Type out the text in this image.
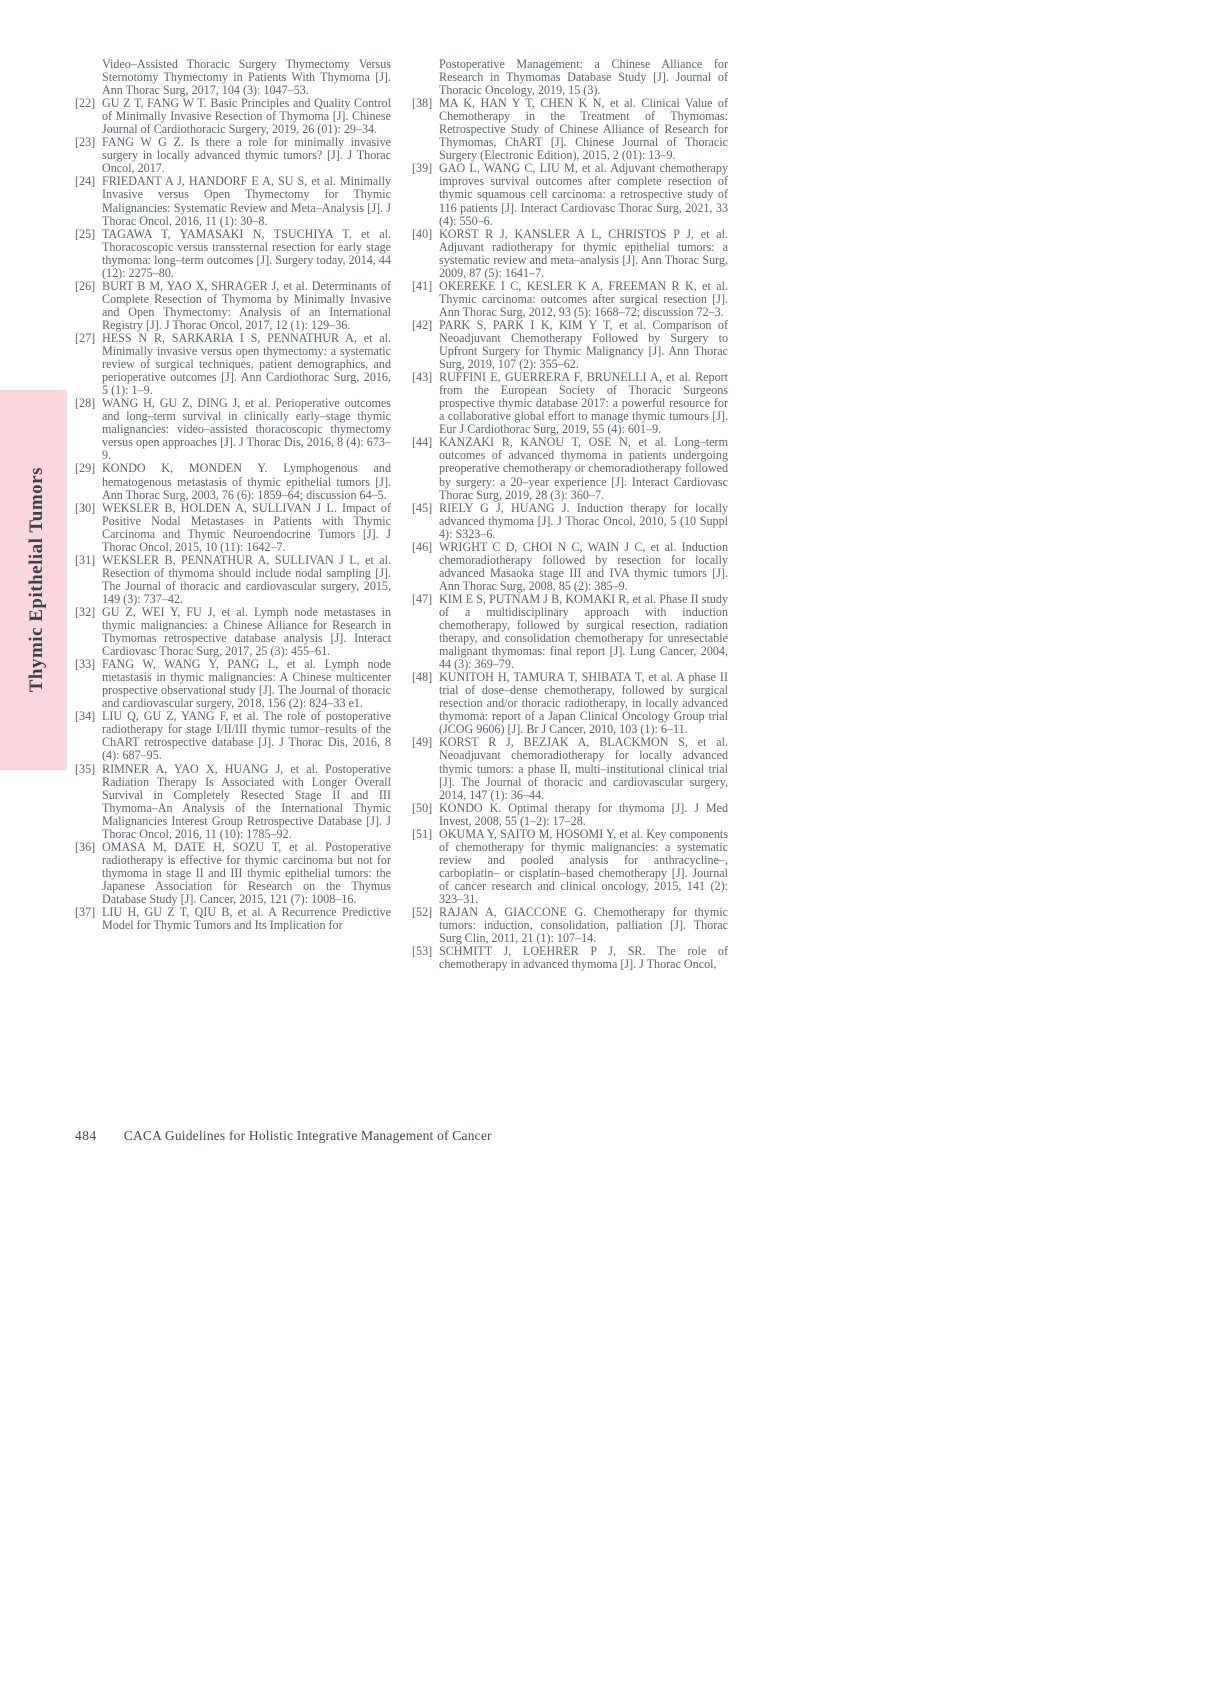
Thymic Epithelial Tumors
Video–Assisted Thoracic Surgery Thymectomy Versus Sternotomy Thymectomy in Patients With Thymoma [J]. Ann Thorac Surg, 2017, 104 (3): 1047–53.
[22] GU Z T, FANG W T. Basic Principles and Quality Control of Minimally Invasive Resection of Thymoma [J]. Chinese Journal of Cardiothoracic Surgery, 2019, 26 (01): 29–34.
[23] FANG W G Z. Is there a role for minimally invasive surgery in locally advanced thymic tumors? [J]. J Thorac Oncol, 2017.
[24] FRIEDANT A J, HANDORF E A, SU S, et al. Minimally Invasive versus Open Thymectomy for Thymic Malignancies: Systematic Review and Meta–Analysis [J]. J Thorac Oncol, 2016, 11 (1): 30–8.
[25] TAGAWA T, YAMASAKI N, TSUCHIYA T, et al. Thoracoscopic versus transsternal resection for early stage thymoma: long–term outcomes [J]. Surgery today, 2014, 44 (12): 2275–80.
[26] BURT B M, YAO X, SHRAGER J, et al. Determinants of Complete Resection of Thymoma by Minimally Invasive and Open Thymectomy: Analysis of an International Registry [J]. J Thorac Oncol, 2017, 12 (1): 129–36.
[27] HESS N R, SARKARIA I S, PENNATHUR A, et al. Minimally invasive versus open thymectomy: a systematic review of surgical techniques, patient demographics, and perioperative outcomes [J]. Ann Cardiothorac Surg, 2016, 5 (1): 1–9.
[28] WANG H, GU Z, DING J, et al. Perioperative outcomes and long–term survival in clinically early–stage thymic malignancies: video–assisted thoracoscopic thymectomy versus open approaches [J]. J Thorac Dis, 2016, 8 (4): 673–9.
[29] KONDO K, MONDEN Y. Lymphogenous and hematogenous metastasis of thymic epithelial tumors [J]. Ann Thorac Surg, 2003, 76 (6): 1859–64; discussion 64–5.
[30] WEKSLER B, HOLDEN A, SULLIVAN J L. Impact of Positive Nodal Metastases in Patients with Thymic Carcinoma and Thymic Neuroendocrine Tumors [J]. J Thorac Oncol, 2015, 10 (11): 1642–7.
[31] WEKSLER B, PENNATHUR A, SULLIVAN J L, et al. Resection of thymoma should include nodal sampling [J]. The Journal of thoracic and cardiovascular surgery, 2015, 149 (3): 737–42.
[32] GU Z, WEI Y, FU J, et al. Lymph node metastases in thymic malignancies: a Chinese Alliance for Research in Thymomas retrospective database analysis [J]. Interact Cardiovasc Thorac Surg, 2017, 25 (3): 455–61.
[33] FANG W, WANG Y, PANG L, et al. Lymph node metastasis in thymic malignancies: A Chinese multicenter prospective observational study [J]. The Journal of thoracic and cardiovascular surgery, 2018, 156 (2): 824–33 e1.
[34] LIU Q, GU Z, YANG F, et al. The role of postoperative radiotherapy for stage I/II/III thymic tumor–results of the ChART retrospective database [J]. J Thorac Dis, 2016, 8 (4): 687–95.
[35] RIMNER A, YAO X, HUANG J, et al. Postoperative Radiation Therapy Is Associated with Longer Overall Survival in Completely Resected Stage II and III Thymoma–An Analysis of the International Thymic Malignancies Interest Group Retrospective Database [J]. J Thorac Oncol, 2016, 11 (10): 1785–92.
[36] OMASA M, DATE H, SOZU T, et al. Postoperative radiotherapy is effective for thymic carcinoma but not for thymoma in stage II and III thymic epithelial tumors: the Japanese Association for Research on the Thymus Database Study [J]. Cancer, 2015, 121 (7): 1008–16.
[37] LIU H, GU Z T, QIU B, et al. A Recurrence Predictive Model for Thymic Tumors and Its Implication for
Postoperative Management: a Chinese Alliance for Research in Thymomas Database Study [J]. Journal of Thoracic Oncology, 2019, 15 (3).
[38] MA K, HAN Y T, CHEN K N, et al. Clinical Value of Chemotherapy in the Treatment of Thymomas: Retrospective Study of Chinese Alliance of Research for Thymomas, ChART [J]. Chinese Journal of Thoracic Surgery (Electronic Edition), 2015, 2 (01): 13–9.
[39] GAO L, WANG C, LIU M, et al. Adjuvant chemotherapy improves survival outcomes after complete resection of thymic squamous cell carcinoma: a retrospective study of 116 patients [J]. Interact Cardiovasc Thorac Surg, 2021, 33 (4): 550–6.
[40] KORST R J, KANSLER A L, CHRISTOS P J, et al. Adjuvant radiotherapy for thymic epithelial tumors: a systematic review and meta–analysis [J]. Ann Thorac Surg, 2009, 87 (5): 1641–7.
[41] OKEREKE I C, KESLER K A, FREEMAN R K, et al. Thymic carcinoma: outcomes after surgical resection [J]. Ann Thorac Surg, 2012, 93 (5): 1668–72; discussion 72–3.
[42] PARK S, PARK I K, KIM Y T, et al. Comparison of Neoadjuvant Chemotherapy Followed by Surgery to Upfront Surgery for Thymic Malignancy [J]. Ann Thorac Surg, 2019, 107 (2): 355–62.
[43] RUFFINI E, GUERRERA F, BRUNELLI A, et al. Report from the European Society of Thoracic Surgeons prospective thymic database 2017: a powerful resource for a collaborative global effort to manage thymic tumours [J]. Eur J Cardiothorac Surg, 2019, 55 (4): 601–9.
[44] KANZAKI R, KANOU T, OSE N, et al. Long–term outcomes of advanced thymoma in patients undergoing preoperative chemotherapy or chemoradiotherapy followed by surgery: a 20–year experience [J]. Interact Cardiovasc Thorac Surg, 2019, 28 (3): 360–7.
[45] RIELY G J, HUANG J. Induction therapy for locally advanced thymoma [J]. J Thorac Oncol, 2010, 5 (10 Suppl 4): S323–6.
[46] WRIGHT C D, CHOI N C, WAIN J C, et al. Induction chemoradiotherapy followed by resection for locally advanced Masaoka stage III and IVA thymic tumors [J]. Ann Thorac Surg, 2008, 85 (2): 385–9.
[47] KIM E S, PUTNAM J B, KOMAKI R, et al. Phase II study of a multidisciplinary approach with induction chemotherapy, followed by surgical resection, radiation therapy, and consolidation chemotherapy for unresectable malignant thymomas: final report [J]. Lung Cancer, 2004, 44 (3): 369–79.
[48] KUNITOH H, TAMURA T, SHIBATA T, et al. A phase II trial of dose–dense chemotherapy, followed by surgical resection and/or thoracic radiotherapy, in locally advanced thymoma: report of a Japan Clinical Oncology Group trial (JCOG 9606) [J]. Br J Cancer, 2010, 103 (1): 6–11.
[49] KORST R J, BEZJAK A, BLACKMON S, et al. Neoadjuvant chemoradiotherapy for locally advanced thymic tumors: a phase II, multi–institutional clinical trial [J]. The Journal of thoracic and cardiovascular surgery, 2014, 147 (1): 36–44.
[50] KONDO K. Optimal therapy for thymoma [J]. J Med Invest, 2008, 55 (1–2): 17–28.
[51] OKUMA Y, SAITO M, HOSOMI Y, et al. Key components of chemotherapy for thymic malignancies: a systematic review and pooled analysis for anthracycline–, carboplatin– or cisplatin–based chemotherapy [J]. Journal of cancer research and clinical oncology, 2015, 141 (2): 323–31.
[52] RAJAN A, GIACCONE G. Chemotherapy for thymic tumors: induction, consolidation, palliation [J]. Thorac Surg Clin, 2011, 21 (1): 107–14.
[53] SCHMITT J, LOEHRER P J, SR. The role of chemotherapy in advanced thymoma [J]. J Thorac Oncol,
484 CACA Guidelines for Holistic Integrative Management of Cancer
